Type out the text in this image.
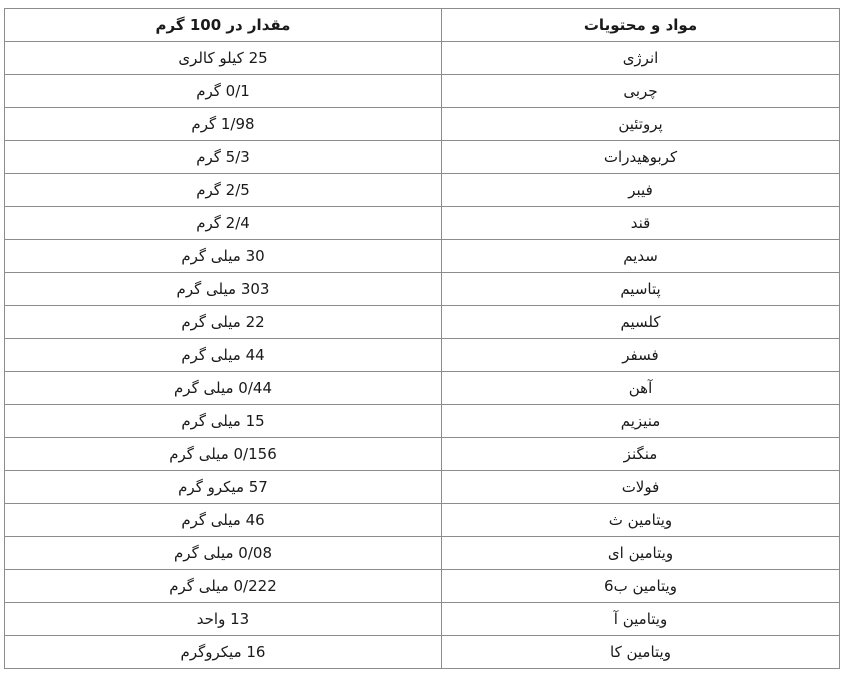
مواد و محتویات	مقدار در 100 گرم
انرژی	25 کیلو کالری
چربی	0/1 گرم
پروتئین	1/98 گرم
کربوهیدرات	5/3 گرم
فیبر	2/5 گرم
قند	2/4 گرم
سدیم	30 میلی گرم
پتاسیم	303 میلی گرم
کلسیم	22 میلی گرم
فسفر	44 میلی گرم
آهن	0/44 میلی گرم
منیزیم	15 میلی گرم
منگنز	0/156 میلی گرم
فولات	57 میکرو گرم
ویتامین ث	46 میلی گرم
ویتامین ای	0/08 میلی گرم
ویتامین ب6	0/222 میلی گرم
ویتامین آ	13 واحد
ویتامین کا	16 میکروگرم
